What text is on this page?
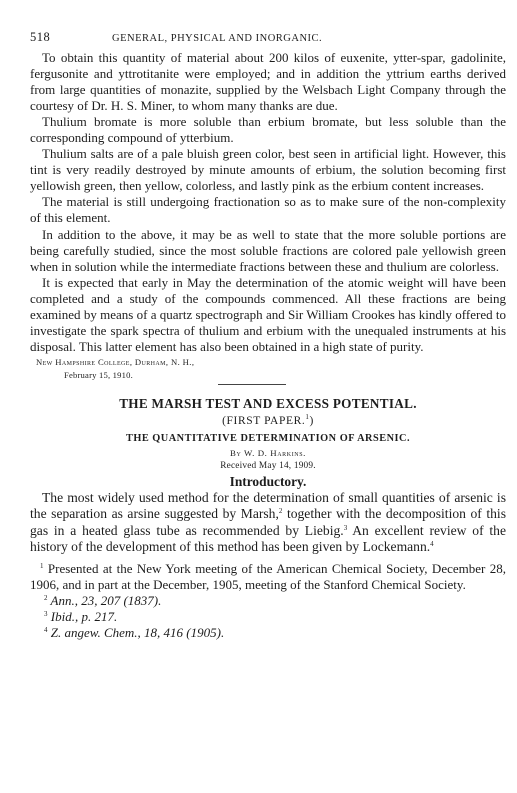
518	GENERAL, PHYSICAL AND INORGANIC.

To obtain this quantity of material about 200 kilos of euxenite, ytter-spar, gadolinite, fergusonite and yttrotitanite were employed; and in addition the yttrium earths derived from large quantities of monazite, supplied by the Welsbach Light Company through the courtesy of Dr. H. S. Miner, to whom many thanks are due.

Thulium bromate is more soluble than erbium bromate, but less soluble than the corresponding compound of ytterbium.

Thulium salts are of a pale bluish green color, best seen in artificial light. However, this tint is very readily destroyed by minute amounts of erbium, the solution becoming first yellowish green, then yellow, colorless, and lastly pink as the erbium content increases.

The material is still undergoing fractionation so as to make sure of the non-complexity of this element.

In addition to the above, it may be as well to state that the more soluble portions are being carefully studied, since the most soluble fractions are colored pale yellowish green when in solution while the intermediate fractions between these and thulium are colorless.

It is expected that early in May the determination of the atomic weight will have been completed and a study of the compounds commenced. All these fractions are being examined by means of a quartz spectrograph and Sir William Crookes has kindly offered to investigate the spark spectra of thulium and erbium with the unequaled instruments at his disposal. This latter element has also been obtained in a high state of purity.

New Hampshire College, Durham, N. H.,
February 15, 1910.
THE MARSH TEST AND EXCESS POTENTIAL.
(FIRST PAPER.$^1$)
THE QUANTITATIVE DETERMINATION OF ARSENIC.
By W. D. Harkins.
Received May 14, 1909.
Introductory.

The most widely used method for the determination of small quantities of arsenic is the separation as arsine suggested by Marsh,$^2$ together with the decomposition of this gas in a heated glass tube as recommended by Liebig.$^3$ An excellent review of the history of the development of this method has been given by Lockemann.$^4$

$^1$ Presented at the New York meeting of the American Chemical Society, December 28, 1906, and in part at the December, 1905, meeting of the Stanford Chemical Society.

$^2$ Ann., 23, 207 (1837).

$^3$ Ibid., p. 217.

$^4$ Z. angew. Chem., 18, 416 (1905).
